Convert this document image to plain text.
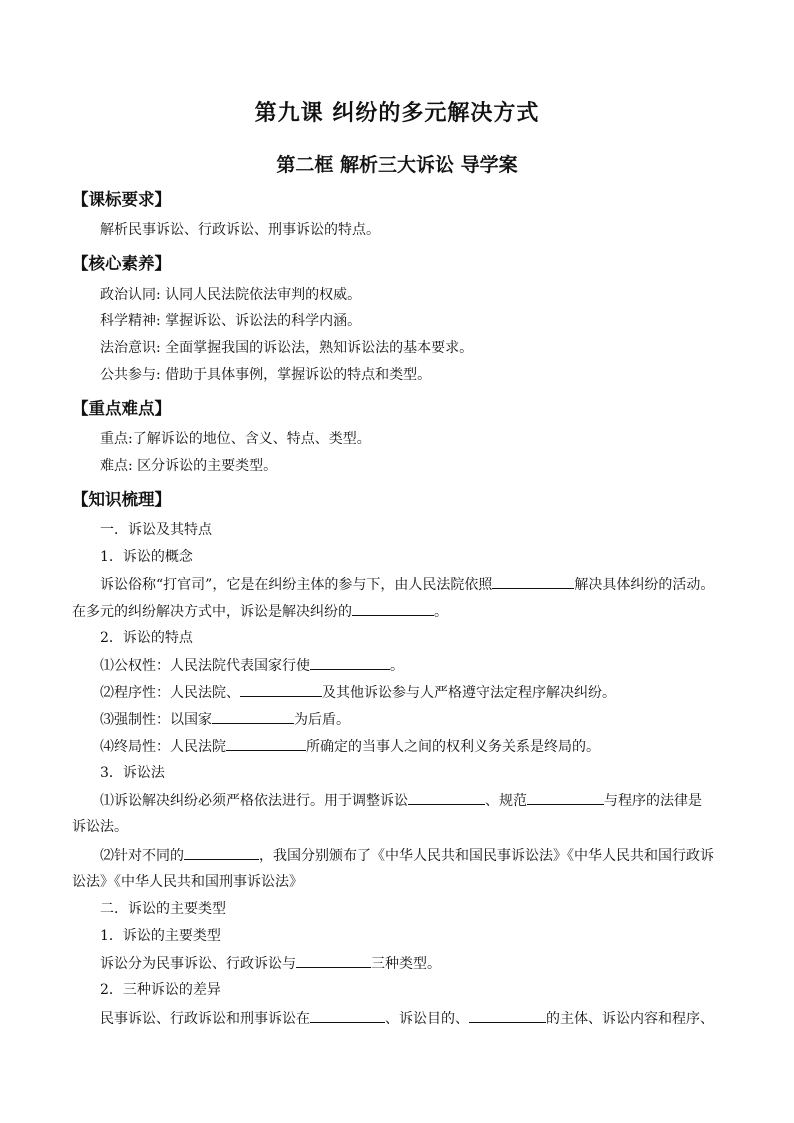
第九课 纠纷的多元解决方式
第二框 解析三大诉讼 导学案
【课标要求】
解析民事诉讼、行政诉讼、刑事诉讼的特点。
【核心素养】
政治认同: 认同人民法院依法审判的权威。
科学精神: 掌握诉讼、诉讼法的科学内涵。
法治意识: 全面掌握我国的诉讼法，熟知诉讼法的基本要求。
公共参与: 借助于具体事例，掌握诉讼的特点和类型。
【重点难点】
重点:了解诉讼的地位、含义、特点、类型。
难点: 区分诉讼的主要类型。
【知识梳理】
一．诉讼及其特点
1．诉讼的概念
诉讼俗称“打官司”，它是在纠纷主体的参与下，由人民法院依照	解决具体纠纷的活动。
在多元的纠纷解决方式中，诉讼是解决纠纷的	。
2．诉讼的特点
⑴公权性：人民法院代表国家行使	。
⑵程序性：人民法院、	及其他诉讼参与人严格遵守法定程序解决纠纷。
⑶强制性：以国家	为后盾。
⑷终局性：人民法院	所确定的当事人之间的权利义务关系是终局的。
3．诉讼法
⑴诉讼解决纠纷必须严格依法进行。用于调整诉讼	、规范	与程序的法律是
诉讼法。
⑵针对不同的	，我国分别颁布了《中华人民共和国民事诉讼法》《中华人民共和国行政诉
讼法》《中华人民共和国刑事诉讼法》
二．诉讼的主要类型
1．诉讼的主要类型
诉讼分为民事诉讼、行政诉讼与	三种类型。
2．三种诉讼的差异
民事诉讼、行政诉讼和刑事诉讼在	、诉讼目的、	的主体、诉讼内容和程序、
